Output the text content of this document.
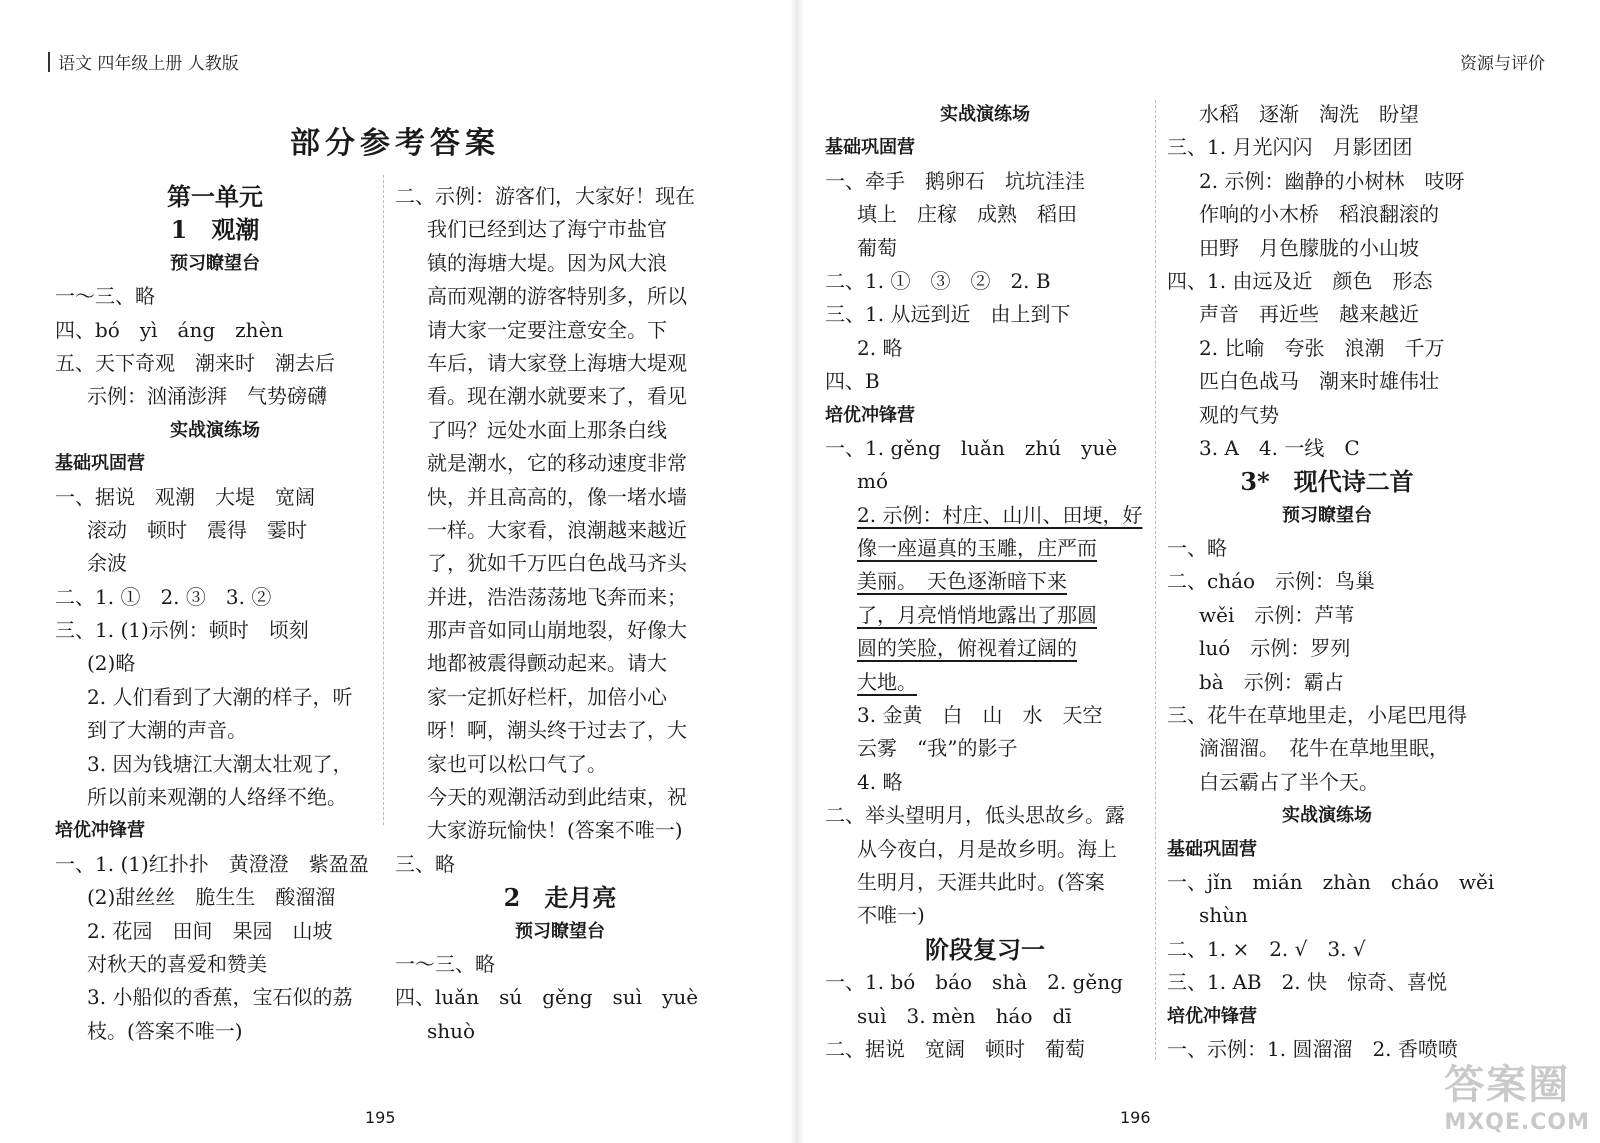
语文 四年级上册 人教版
部分参考答案
第一单元
1　观潮
预习瞭望台
一～三、略
四、bó　yì　áng　zhèn
五、天下奇观　潮来时　潮去后
示例：汹涌澎湃　气势磅礴
实战演练场
基础巩固营
一、据说　观潮　大堤　宽阔
滚动　顿时　震得　霎时
余波
二、1. ①　2. ③　3. ②
三、1. (1)示例：顿时　顷刻
(2)略
2. 人们看到了大潮的样子，听
到了大潮的声音。
3. 因为钱塘江大潮太壮观了，
所以前来观潮的人络绎不绝。
培优冲锋营
一、1. (1)红扑扑　黄澄澄　紫盈盈
(2)甜丝丝　脆生生　酸溜溜
2. 花园　田间　果园　山坡
对秋天的喜爱和赞美
3. 小船似的香蕉，宝石似的荔
枝。(答案不唯一)
二、示例：游客们，大家好！现在
我们已经到达了海宁市盐官
镇的海塘大堤。因为风大浪
高而观潮的游客特别多，所以
请大家一定要注意安全。下
车后，请大家登上海塘大堤观
看。现在潮水就要来了，看见
了吗？远处水面上那条白线
就是潮水，它的移动速度非常
快，并且高高的，像一堵水墙
一样。大家看，浪潮越来越近
了，犹如千万匹白色战马齐头
并进，浩浩荡荡地飞奔而来；
那声音如同山崩地裂，好像大
地都被震得颤动起来。请大
家一定抓好栏杆，加倍小心
呀！啊，潮头终于过去了，大
家也可以松口气了。
今天的观潮活动到此结束，祝
大家游玩愉快！(答案不唯一)
三、略
2　走月亮
预习瞭望台
一～三、略
四、luǎn　sú　gěng　suì　yuè
shuò
195
资源与评价
实战演练场
基础巩固营
一、牵手　鹅卵石　坑坑洼洼
填上　庄稼　成熟　稻田
葡萄
二、1. ①　③　②　2. B
三、1. 从远到近　由上到下
2. 略
四、B
培优冲锋营
一、1. gěng　luǎn　zhú　yuè
mó
2. 示例：村庄、山川、田埂，好
像一座逼真的玉雕，庄严而
美丽。　天色逐渐暗下来
了，月亮悄悄地露出了那圆
圆的笑脸，俯视着辽阔的
大地。
3. 金黄　白　山　水　天空
云雾　“我”的影子
4. 略
二、举头望明月，低头思故乡。露
从今夜白，月是故乡明。海上
生明月，天涯共此时。(答案
不唯一)
阶段复习一
一、1. bó　báo　shà　2. gěng
suì　3. mèn　háo　dī
二、据说　宽阔　顿时　葡萄
水稻　逐渐　淘洗　盼望
三、1. 月光闪闪　月影团团
2. 示例：幽静的小树林　吱呀
作响的小木桥　稻浪翻滚的
田野　月色朦胧的小山坡
四、1. 由远及近　颜色　形态
声音　再近些　越来越近
2. 比喻　夸张　浪潮　千万
匹白色战马　潮来时雄伟壮
观的气势
3. A　4. 一线　C
3*　现代诗二首
预习瞭望台
一、略
二、cháo　示例：鸟巢
wěi　示例：芦苇
luó　示例：罗列
bà　示例：霸占
三、花牛在草地里走，小尾巴甩得
滴溜溜。　花牛在草地里眠，
白云霸占了半个天。
实战演练场
基础巩固营
一、jǐn　mián　zhàn　cháo　wěi
shùn
二、1. ×　2. √　3. √
三、1. AB　2. 快　惊奇、喜悦
培优冲锋营
一、示例：1. 圆溜溜　2. 香喷喷
196
答案圈
MXQE.COM
